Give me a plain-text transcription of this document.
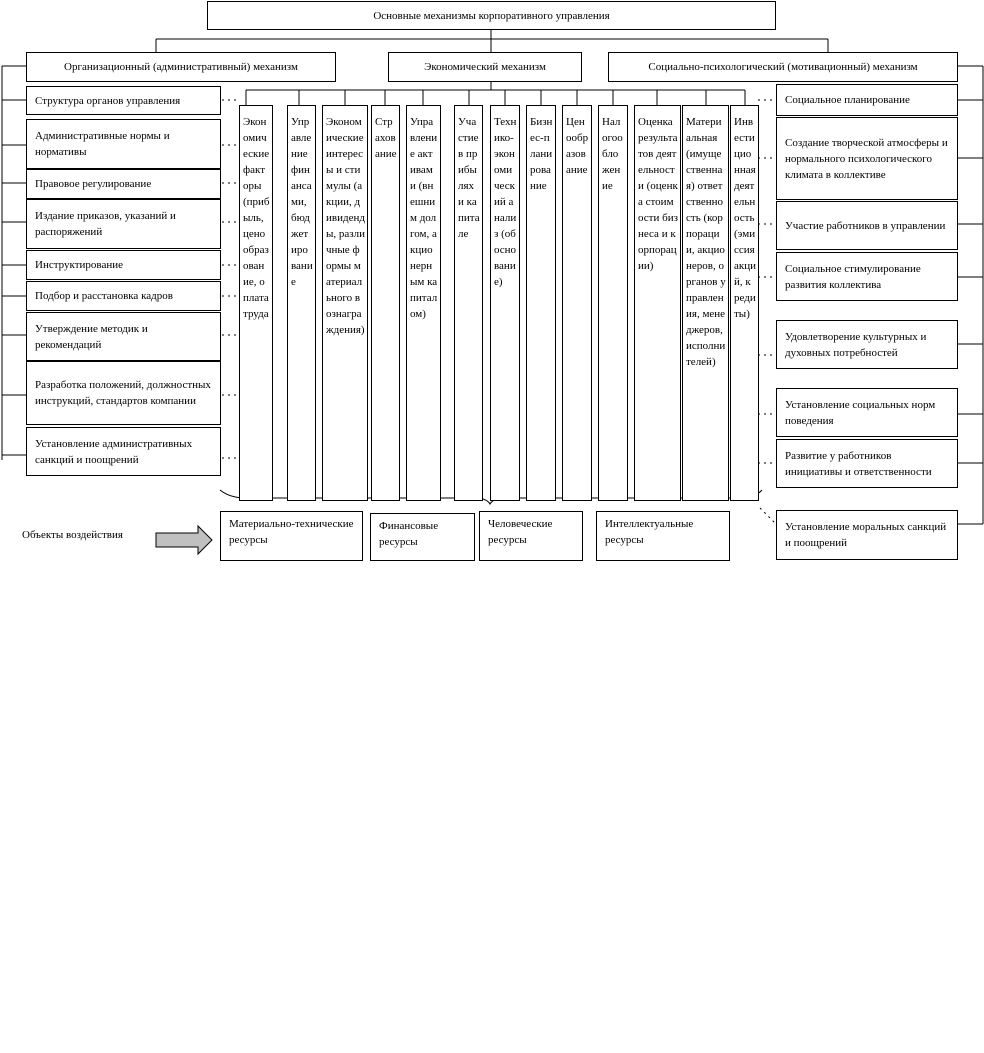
Основные механизмы корпоративного управления
Организационный (административный) механизм	Экономический механизм	Социально-психологический (мотивационный) механизм
Структура органов управления
Административные нормы и нормативы
Правовое регулирование
Издание приказов, указаний и распоряжений
Инструктирование
Подбор и расстановка кадров
Утверждение методик и рекомендаций
Разработка положений, должностных инструкций, стандартов компании
Установление административных санкций и поощрений
Экономические факторы (прибыль, ценообразование, оплата труда
Управление финансами, бюджетирование
Экономические интересы и стимулы (акции, дивиденды, различные формы материального вознаграждения)
Страхование
Управление активами (внешним долгом, акционерным капиталом)
Участие в прибылях и капитале
Технико-экономический анализ (обоснование)
Бизнес-планирование
Ценообразование
Налогообложение
Оценка результатов деятельности (оценка стоимости бизнеса и корпорации)
Материальная (имущественная) ответственность (корпорации, акционеров, органов управления, менеджеров, исполнителей)
Инвестиционная деятельность (эмиссия акций, кредиты)
Социальное планирование
Создание творческой атмосферы и нормального психологического климата в коллективе
Участие работников в управлении
Социальное стимулирование развития коллектива
Удовлетворение культурных и духовных потребностей
Установление социальных норм поведения
Развитие у работников инициативы и ответственности
Установление моральных санкций и поощрений
Объекты воздействия
Материально-технические ресурсы
Финансовые ресурсы
Человеческие ресурсы
Интеллектуальные ресурсы
